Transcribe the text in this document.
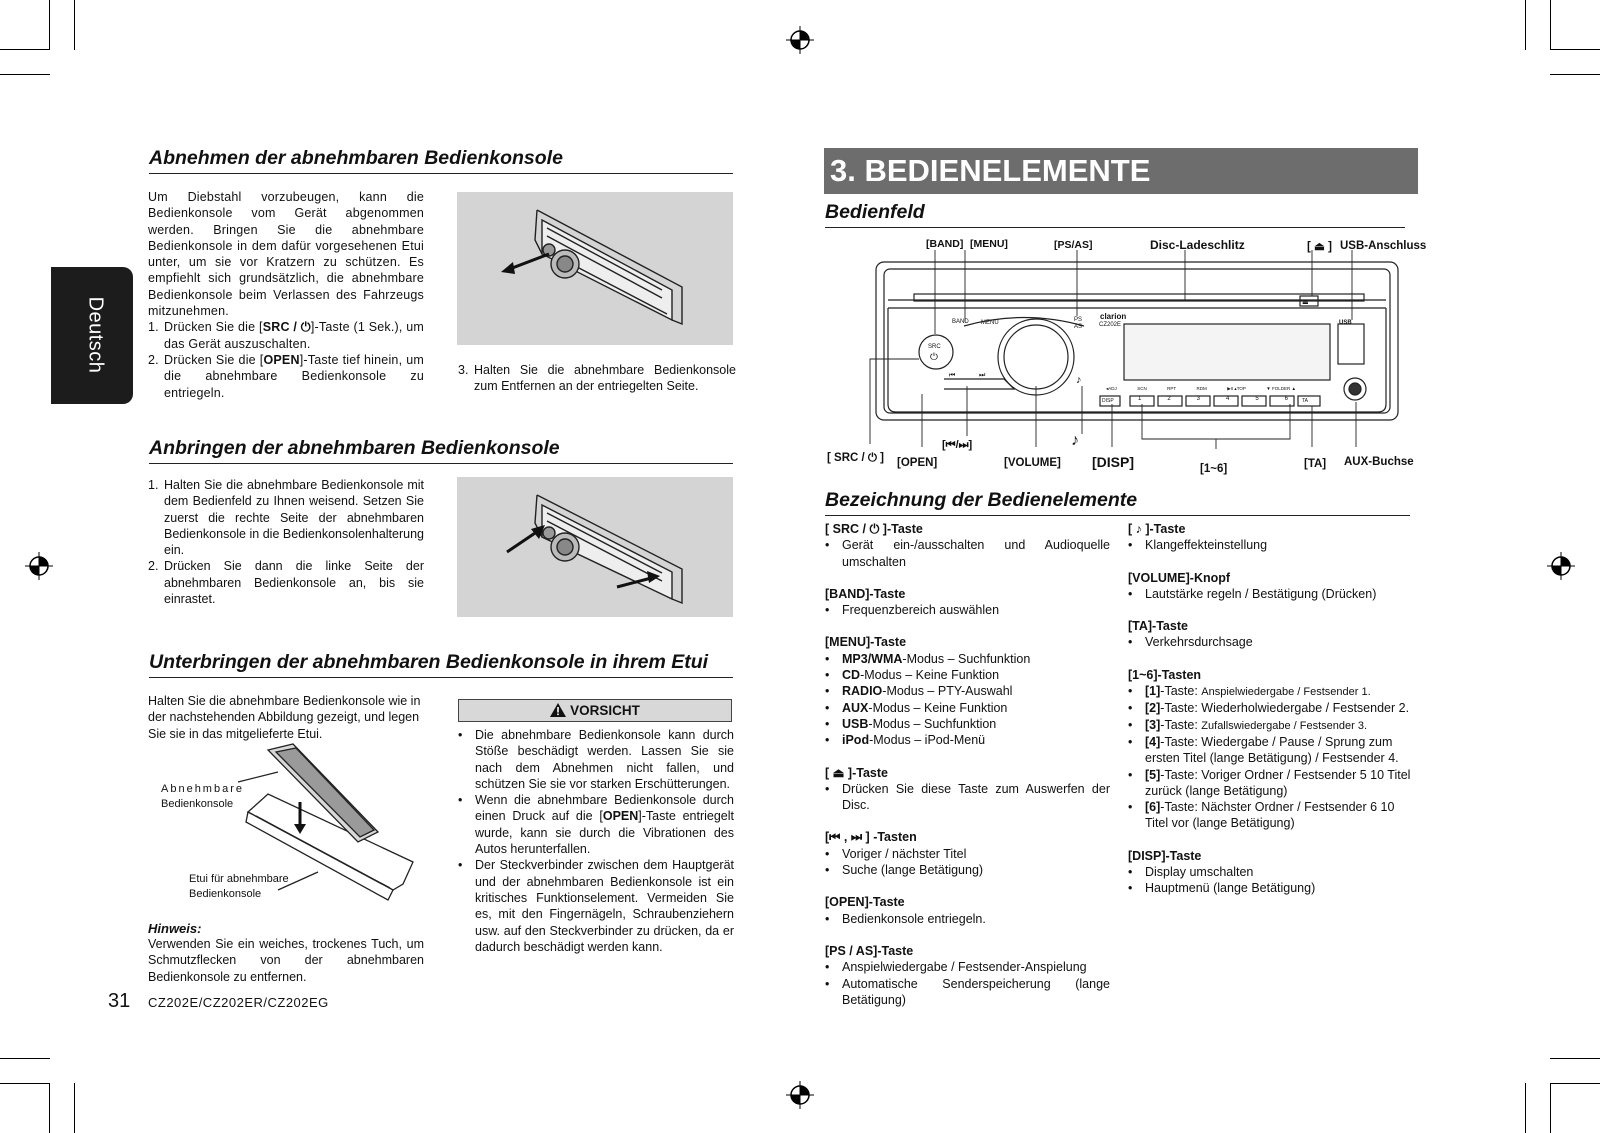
Deutsch
Abnehmen der abnehmbaren Bedienkonsole

Um Diebstahl vorzubeugen, kann die Bedienkonsole vom Gerät abgenommen werden. Bringen Sie die abnehmbare Bedienkonsole in dem dafür vorgesehenen Etui unter, um sie vor Kratzern zu schützen. Es empfiehlt sich grundsätzlich, die abnehmbare Bedienkonsole beim Verlassen des Fahrzeugs mitzunehmen.

1. Drücken Sie die [SRC / ⏻]-Taste (1 Sek.), um das Gerät auszuschalten.
2. Drücken Sie die [OPEN]-Taste tief hinein, um die abnehmbare Bedienkonsole zu entriegeln.
3. Halten Sie die abnehmbare Bedienkonsole zum Entfernen an der entriegelten Seite.
Anbringen der abnehmbaren Bedienkonsole
1. Halten Sie die abnehmbare Bedienkonsole mit dem Bedienfeld zu Ihnen weisend. Setzen Sie zuerst die rechte Seite der abnehmbaren Bedienkonsole in die Bedienkonsolenhalterung ein.
2. Drücken Sie dann die linke Seite der abnehmbaren Bedienkonsole an, bis sie einrastet.
Unterbringen der abnehmbaren Bedienkonsole in ihrem Etui
Halten Sie die abnehmbare Bedienkonsole wie in der nachstehenden Abbildung gezeigt, und legen Sie sie in das mitgelieferte Etui.
Abnehmbare
Bedienkonsole
Etui für abnehmbare
Bedienkonsole
Hinweis:
Verwenden Sie ein weiches, trockenes Tuch, um Schmutzflecken von der abnehmbaren Bedienkonsole zu entfernen.
VORSICHT
• Die abnehmbare Bedienkonsole kann durch Stöße beschädigt werden. Lassen Sie sie nach dem Abnehmen nicht fallen, und schützen Sie sie vor starken Erschütterungen.
• Wenn die abnehmbare Bedienkonsole durch einen Druck auf die [OPEN]-Taste entriegelt wurde, kann sie durch die Vibrationen des Autos herunterfallen.
• Der Steckverbinder zwischen dem Hauptgerät und der abnehmbaren Bedienkonsole ist ein kritisches Funktionselement. Vermeiden Sie es, mit den Fingernägeln, Schraubenziehern usw. auf den Steckverbinder zu drücken, da er dadurch beschädigt werden kann.
31 CZ202E/CZ202ER/CZ202EG
3. BEDIENELEMENTE
Bedienfeld
SRC
⏻
BAND MENU	PS
AS
clarion
CZ202E
⏮	⏭	♪
DISP	TA
USB
⏏
1	2	3	4	5	6
◂ADJ	SCN	RPT	RDM	▶II ▴TOP	▼ FOLDER ▲
[BAND] [MENU]	[PS/AS]	Disc-Ladeschlitz	[ ⏏ ] USB-Anschluss
[ SRC / ⏻ ] [OPEN]
[⏮/⏭]
[VOLUME]
♪
[DISP]	[1~6]	[TA] AUX-Buchse
Bezeichnung der Bedienelemente
[ SRC / ⏻ ]-Taste
• Gerät ein-/ausschalten und Audioquelle umschalten
[BAND]-Taste
• Frequenzbereich auswählen
[MENU]-Taste
• MP3/WMA-Modus – Suchfunktion
• CD-Modus – Keine Funktion
• RADIO-Modus – PTY-Auswahl
• AUX-Modus – Keine Funktion
• USB-Modus – Suchfunktion
• iPod-Modus – iPod-Menü
[ ⏏ ]-Taste
• Drücken Sie diese Taste zum Auswerfen der Disc.
[⏮ , ⏭ ] -Tasten
• Voriger / nächster Titel
• Suche (lange Betätigung)
[OPEN]-Taste
• Bedienkonsole entriegeln.
[PS / AS]-Taste
• Anspielwiedergabe / Festsender-Anspielung
• Automatische Senderspeicherung (lange Betätigung)
[ ♪ ]-Taste
• Klangeffekteinstellung
[VOLUME]-Knopf
• Lautstärke regeln / Bestätigung (Drücken)
[TA]-Taste
• Verkehrsdurchsage
[1~6]-Tasten
• [1]-Taste: Anspielwiedergabe / Festsender 1.
• [2]-Taste: Wiederholwiedergabe / Festsender 2.
• [3]-Taste: Zufallswiedergabe / Festsender 3.
• [4]-Taste: Wiedergabe / Pause / Sprung zum ersten Titel (lange Betätigung) / Festsender 4.
• [5]-Taste: Voriger Ordner / Festsender 5 10 Titel zurück (lange Betätigung)
• [6]-Taste: Nächster Ordner / Festsender 6 10 Titel vor (lange Betätigung)
[DISP]-Taste
• Display umschalten
• Hauptmenü (lange Betätigung)
